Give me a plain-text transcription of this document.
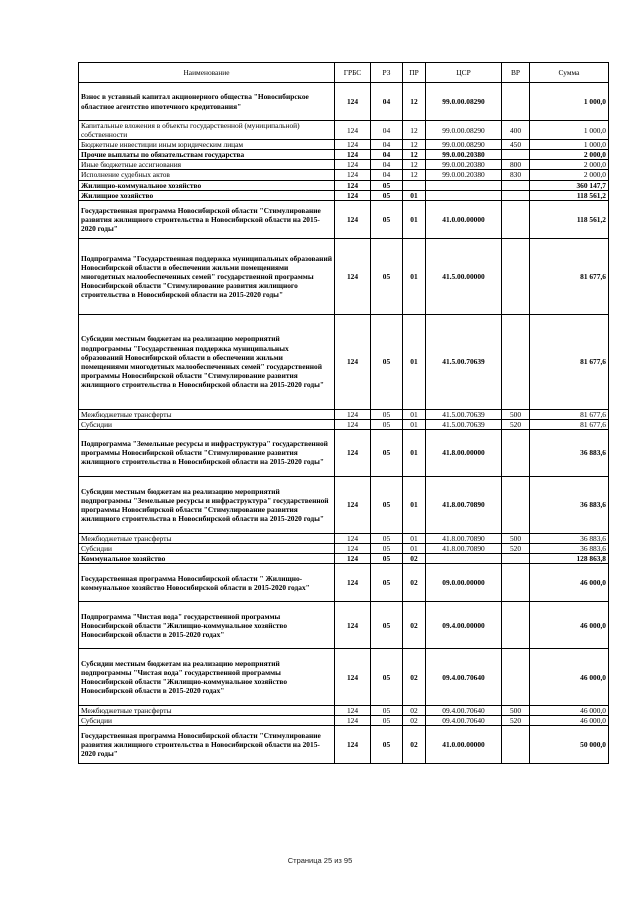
Наименование	ГРБС	РЗ	ПР	ЦСР	ВР	Сумма
Взнос в уставный капитал акционерного общества "Новосибирское областное агентство ипотечного кредитования"	124	04	12	99.0.00.08290		1 000,0
Капитальные вложения в объекты государственной (муниципальной) собственности	124	04	12	99.0.00.08290	400	1 000,0
Бюджетные инвестиции иным юридическим лицам	124	04	12	99.0.00.08290	450	1 000,0
Прочие выплаты по обязательствам государства	124	04	12	99.0.00.20380		2 000,0
Иные бюджетные ассигнования	124	04	12	99.0.00.20380	800	2 000,0
Исполнение судебных актов	124	04	12	99.0.00.20380	830	2 000,0
Жилищно-коммунальное хозяйство	124	05				360 147,7
Жилищное хозяйство	124	05	01			118 561,2
Государственная программа Новосибирской области "Стимулирование развития жилищного строительства в Новосибирской области на 2015-2020 годы"	124	05	01	41.0.00.00000		118 561,2
Подпрограмма "Государственная поддержка муниципальных образований Новосибирской области в обеспечении жильми помещениями многодетных малообеспеченных семей" государственной программы Новосибирской области "Стимулирование развития жилищного строительства в Новосибирской области на 2015-2020 годы"	124	05	01	41.5.00.00000		81 677,6
Субсидии местным бюджетам на реализацию мероприятий подпрограммы "Государственная поддержка муниципальных образований Новосибирской области в обеспечении жильми помещениями многодетных малообеспеченных семей" государственной программы Новосибирской области "Стимулирование развития жилищного строительства в Новосибирской области на 2015-2020 годы"	124	05	01	41.5.00.70639		81 677,6
Межбюджетные трансферты	124	05	01	41.5.00.70639	500	81 677,6
Субсидии	124	05	01	41.5.00.70639	520	81 677,6
Подпрограмма "Земельные ресурсы и инфраструктура" государственной программы Новосибирской области "Стимулирование развития жилищного строительства в Новосибирской области на 2015-2020 годы"	124	05	01	41.8.00.00000		36 883,6
Субсидии местным бюджетам на реализацию мероприятий подпрограммы "Земельные ресурсы и инфраструктура" государственной программы Новосибирской области "Стимулирование развития жилищного строительства в Новосибирской области на 2015-2020 годы"	124	05	01	41.8.00.70890		36 883,6
Межбюджетные трансферты	124	05	01	41.8.00.70890	500	36 883,6
Субсидии	124	05	01	41.8.00.70890	520	36 883,6
Коммунальное хозяйство	124	05	02			128 863,8
Государственная программа Новосибирской области " Жилищно-коммунальное хозяйство Новосибирской области в 2015-2020 годах"	124	05	02	09.0.00.00000		46 000,0
Подпрограмма "Чистая вода" государственной программы Новосибирской области "Жилищно-коммунальное хозяйство Новосибирской области в 2015-2020 годах"	124	05	02	09.4.00.00000		46 000,0
Субсидии местным бюджетам на реализацию мероприятий подпрограммы "Чистая вода" государственной программы Новосибирской области "Жилищно-коммунальное хозяйство Новосибирской области в 2015-2020 годах"	124	05	02	09.4.00.70640		46 000,0
Межбюджетные трансферты	124	05	02	09.4.00.70640	500	46 000,0
Субсидии	124	05	02	09.4.00.70640	520	46 000,0
Государственная программа Новосибирской области "Стимулирование развития жилищного строительства в Новосибирской области на 2015-2020 годы"	124	05	02	41.0.00.00000		50 000,0
Страница 25 из 95
